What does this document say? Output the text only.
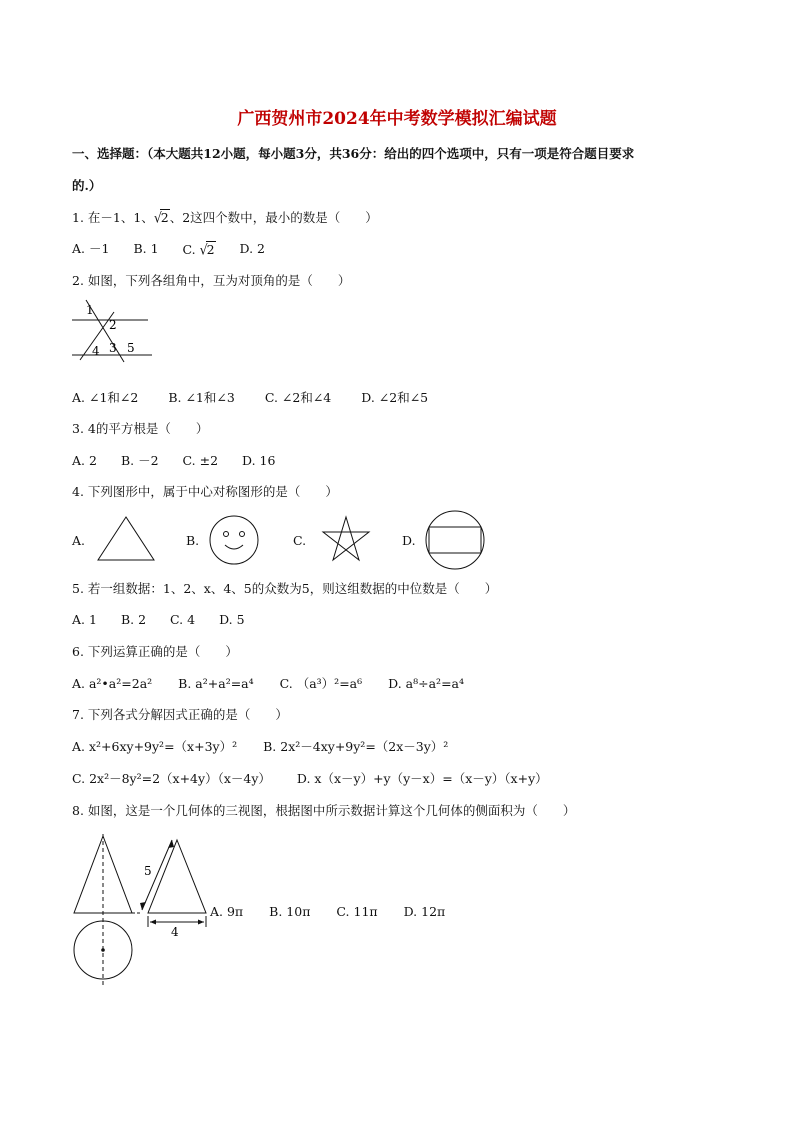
广西贺州市2024年中考数学模拟汇编试题
一、选择题：（本大题共12小题，每小题3分，共36分：给出的四个选项中，只有一项是符合题目要求
的.）
1. 在－1、1、√2、2这四个数中，最小的数是（　　）
A. －1 B. 1 C. √2 D. 2
2. 如图，下列各组角中，互为对顶角的是（　　）
1
2
4 3 5
A. ∠1和∠2 B. ∠1和∠3 C. ∠2和∠4 D. ∠2和∠5
3. 4的平方根是（　　）
A. 2 B. －2 C. ±2 D. 16
4. 下列图形中，属于中心对称图形的是（　　）
A.	B.	C.	D.
5. 若一组数据：1、2、x、4、5的众数为5，则这组数据的中位数是（　　）
A. 1 B. 2 C. 4 D. 5
6. 下列运算正确的是（　　）
A. a²•a²=2a² B. a²+a²=a⁴ C. （a³）²=a⁶ D. a⁸÷a²=a⁴
7. 下列各式分解因式正确的是（　　）
A. x²+6xy+9y²=（x+3y）² B. 2x²－4xy+9y²=（2x－3y）²
C. 2x²－8y²=2（x+4y）（x－4y） D. x（x－y）+y（y－x）=（x－y）（x+y）
8. 如图，这是一个几何体的三视图，根据图中所示数据计算这个几何体的侧面积为（　　）
5
4
A. 9π B. 10π C. 11π D. 12π
